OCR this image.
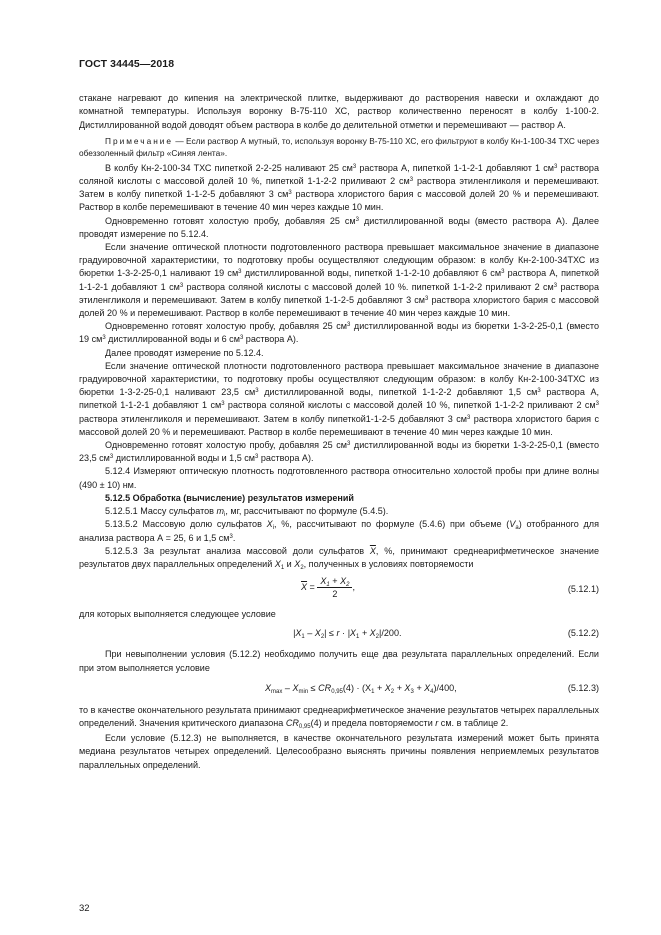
ГОСТ 34445—2018

стакане нагревают до кипения на электрической плитке, выдерживают до растворения навески и охлаждают до комнатной температуры. Используя воронку В-75-110 ХС, раствор количественно переносят в колбу 1-100-2. Дистиллированной водой доводят объем раствора в колбе до делительной отметки и перемешивают — раствор А.

Примечание — Если раствор А мутный, то, используя воронку В-75-110 ХС, его фильтруют в колбу Кн-1-100-34 ТХС через обеззоленный фильтр «Синяя лента».

В колбу Кн-2-100-34 ТХС пипеткой 2-2-25 наливают 25 $см^3$ раствора А, пипеткой 1-1-2-1 добавляют 1 $см^3$ раствора соляной кислоты с массовой долей 10 %, пипеткой 1-1-2-2 приливают 2 $см^3$ раствора этиленгликоля и перемешивают. Затем в колбу пипеткой 1-1-2-5 добавляют 3 $см^3$ раствора хлористого бария с массовой долей 20 % и перемешивают. Раствор в колбе перемешивают в течение 40 мин через каждые 10 мин.

Одновременно готовят холостую пробу, добавляя 25 $см^3$ дистиллированной воды (вместо раствора А). Далее проводят измерение по 5.12.4.

Если значение оптической плотности подготовленного раствора превышает максимальное значение в диапазоне градуировочной характеристики, то подготовку пробы осуществляют следующим образом: в колбу Кн-2-100-34ТХС из бюретки 1-3-2-25-0,1 наливают 19 $см^3$ дистиллированной воды, пипеткой 1-1-2-10 добавляют 6 $см^3$ раствора А, пипеткой 1-1-2-1 добавляют 1 $см^3$ раствора соляной кислоты с массовой долей 10 %. пипеткой 1-1-2-2 приливают 2 $см^3$ раствора этиленгликоля и перемешивают. Затем в колбу пипеткой 1-1-2-5 добавляют 3 $см^3$ раствора хлористого бария с массовой долей 20 % и перемешивают. Раствор в колбе перемешивают в течение 40 мин через каждые 10 мин.

Одновременно готовят холостую пробу, добавляя 25 $см^3$ дистиллированной воды из бюретки 1-3-2-25-0,1 (вместо 19 $см^3$ дистиллированной воды и 6 $см^3$ раствора А).

Далее проводят измерение по 5.12.4.

Если значение оптической плотности подготовленного раствора превышает максимальное значение в диапазоне градуировочной характеристики, то подготовку пробы осуществляют следующим образом: в колбу Кн-2-100-34ТХС из бюретки 1-3-2-25-0,1 наливают 23,5 $см^3$ дистиллированной воды, пипеткой 1-1-2-2 добавляют 1,5 $см^3$ раствора А, пипеткой 1-1-2-1 добавляют 1 $см^3$ раствора соляной кислоты с массовой долей 10 %, пипеткой 1-1-2-2 приливают 2 $см^3$ раствора этиленгликоля и перемешивают. Затем в колбу пипеткой1-1-2-5 добавляют 3 $см^3$ раствора хлористого бария с массовой долей 20 % и перемешивают. Раствор в колбе перемешивают в течение 40 мин через каждые 10 мин.

Одновременно готовят холостую пробу, добавляя 25 $см^3$ дистиллированной воды из бюретки 1-3-2-25-0,1 (вместо 23,5 $см^3$ дистиллированной воды и 1,5 $см^3$ раствора А).

5.12.4 Измеряют оптическую плотность подготовленного раствора относительно холостой пробы при длине волны (490 ± 10) нм.

5.12.5 Обработка (вычисление) результатов измерений

5.12.5.1 Массу сульфатов $m_i$, мг, рассчитывают по формуле (5.4.5).

5.13.5.2 Массовую долю сульфатов $X_i$, %, рассчитывают по формуле (5.4.6) при объеме $(V_a)$ отобранного для анализа раствора А = 25, 6 и 1,5 $см^3$.

5.12.5.3 За результат анализа массовой доли сульфатов $\overline{X}$, %, принимают среднеарифметическое значение результатов двух параллельных определений $X_1$ и $X_2$, полученных в условиях повторяемости

$\overline{X} = \frac{X_1 + X_2}{2}$ ,	(5.12.1)

для которых выполняется следующее условие

$|X_1 - X_2| \le r \cdot |X_1 + X_2|/200$.	(5.12.2)

При невыполнении условия (5.12.2) необходимо получить еще два результата параллельных определений. Если при этом выполняется условие

$X_{max} - X_{min} \le CR_{0,95}(4) \cdot (X_1 + X_2 + X_3 + X_4)/400$,	(5.12.3)

то в качестве окончательного результата принимают среднеарифметическое значение результатов четырех параллельных определений. Значения критического диапазона $CR_{0,95}(4)$ и предела повторяемости r см. в таблице 2.

Если условие (5.12.3) не выполняется, в качестве окончательного результата измерений может быть принята медиана результатов четырех определений. Целесообразно выяснять причины появления неприемлемых результатов параллельных определений.

32
